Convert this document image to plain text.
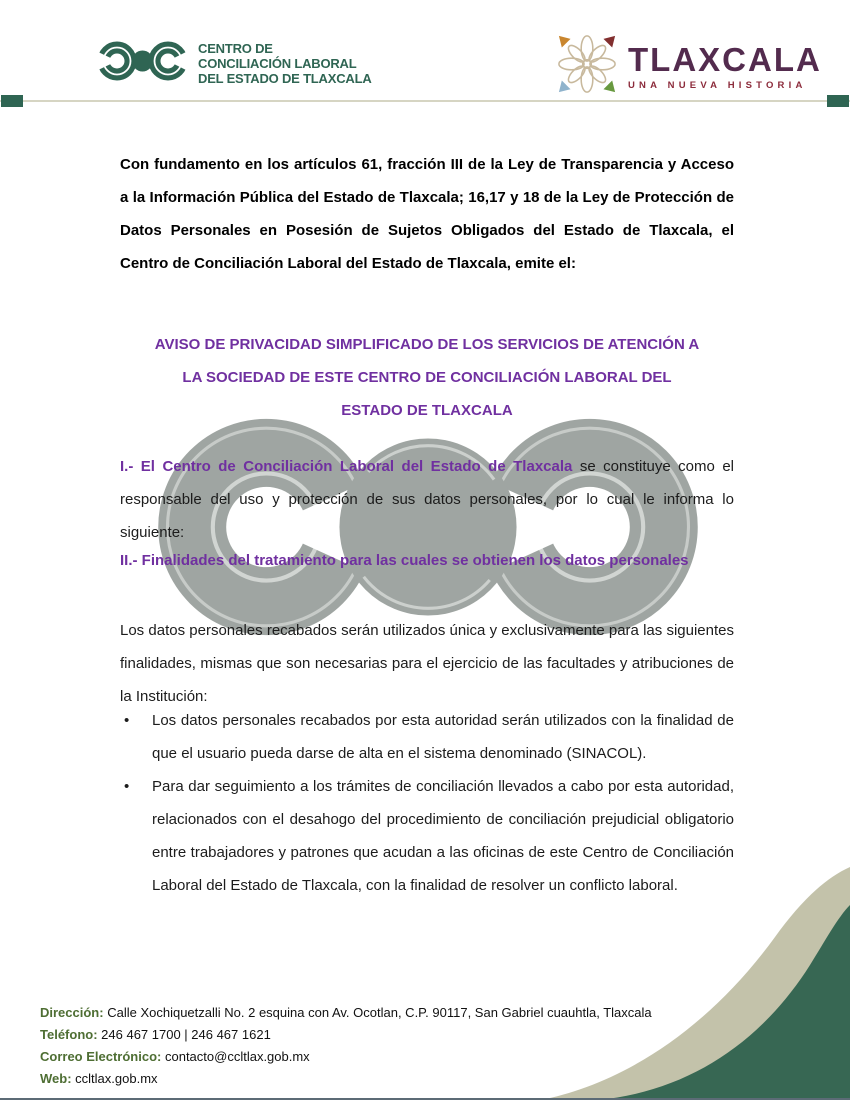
CENTRO DE
CONCILIACIÓN LABORAL
DEL ESTADO DE TLAXCALA
TLAXCALA
UNA NUEVA HISTORIA
Con fundamento en los artículos 61, fracción III de la Ley de Transparencia y Acceso a la Información Pública del Estado de Tlaxcala; 16,17 y 18 de la Ley de Protección de Datos Personales en Posesión de Sujetos Obligados del Estado de Tlaxcala, el Centro de Conciliación Laboral del Estado de Tlaxcala, emite el:
AVISO DE PRIVACIDAD SIMPLIFICADO DE LOS SERVICIOS DE ATENCIÓN A
LA SOCIEDAD DE ESTE CENTRO DE CONCILIACIÓN LABORAL DEL
ESTADO DE TLAXCALA
I.- El Centro de Conciliación Laboral del Estado de Tlaxcala se constituye como el responsable del uso y protección de sus datos personales, por lo cual le informa lo siguiente:
II.- Finalidades del tratamiento para las cuales se obtienen los datos personales
Los datos personales recabados serán utilizados única y exclusivamente para las siguientes finalidades, mismas que son necesarias para el ejercicio de las facultades y atribuciones de la Institución:
•	Los datos personales recabados por esta autoridad serán utilizados con la finalidad de que el usuario pueda darse de alta en el sistema denominado (SINACOL).
•	Para dar seguimiento a los trámites de conciliación llevados a cabo por esta autoridad, relacionados con el desahogo del procedimiento de conciliación prejudicial obligatorio entre trabajadores y patrones que acudan a las oficinas de este Centro de Conciliación Laboral del Estado de Tlaxcala, con la finalidad de resolver un conflicto laboral.
Dirección: Calle Xochiquetzalli No. 2 esquina con Av. Ocotlan, C.P. 90117, San Gabriel cuauhtla, Tlaxcala
Teléfono: 246 467 1700 | 246 467 1621
Correo Electrónico: contacto@ccltlax.gob.mx
Web: ccltlax.gob.mx
